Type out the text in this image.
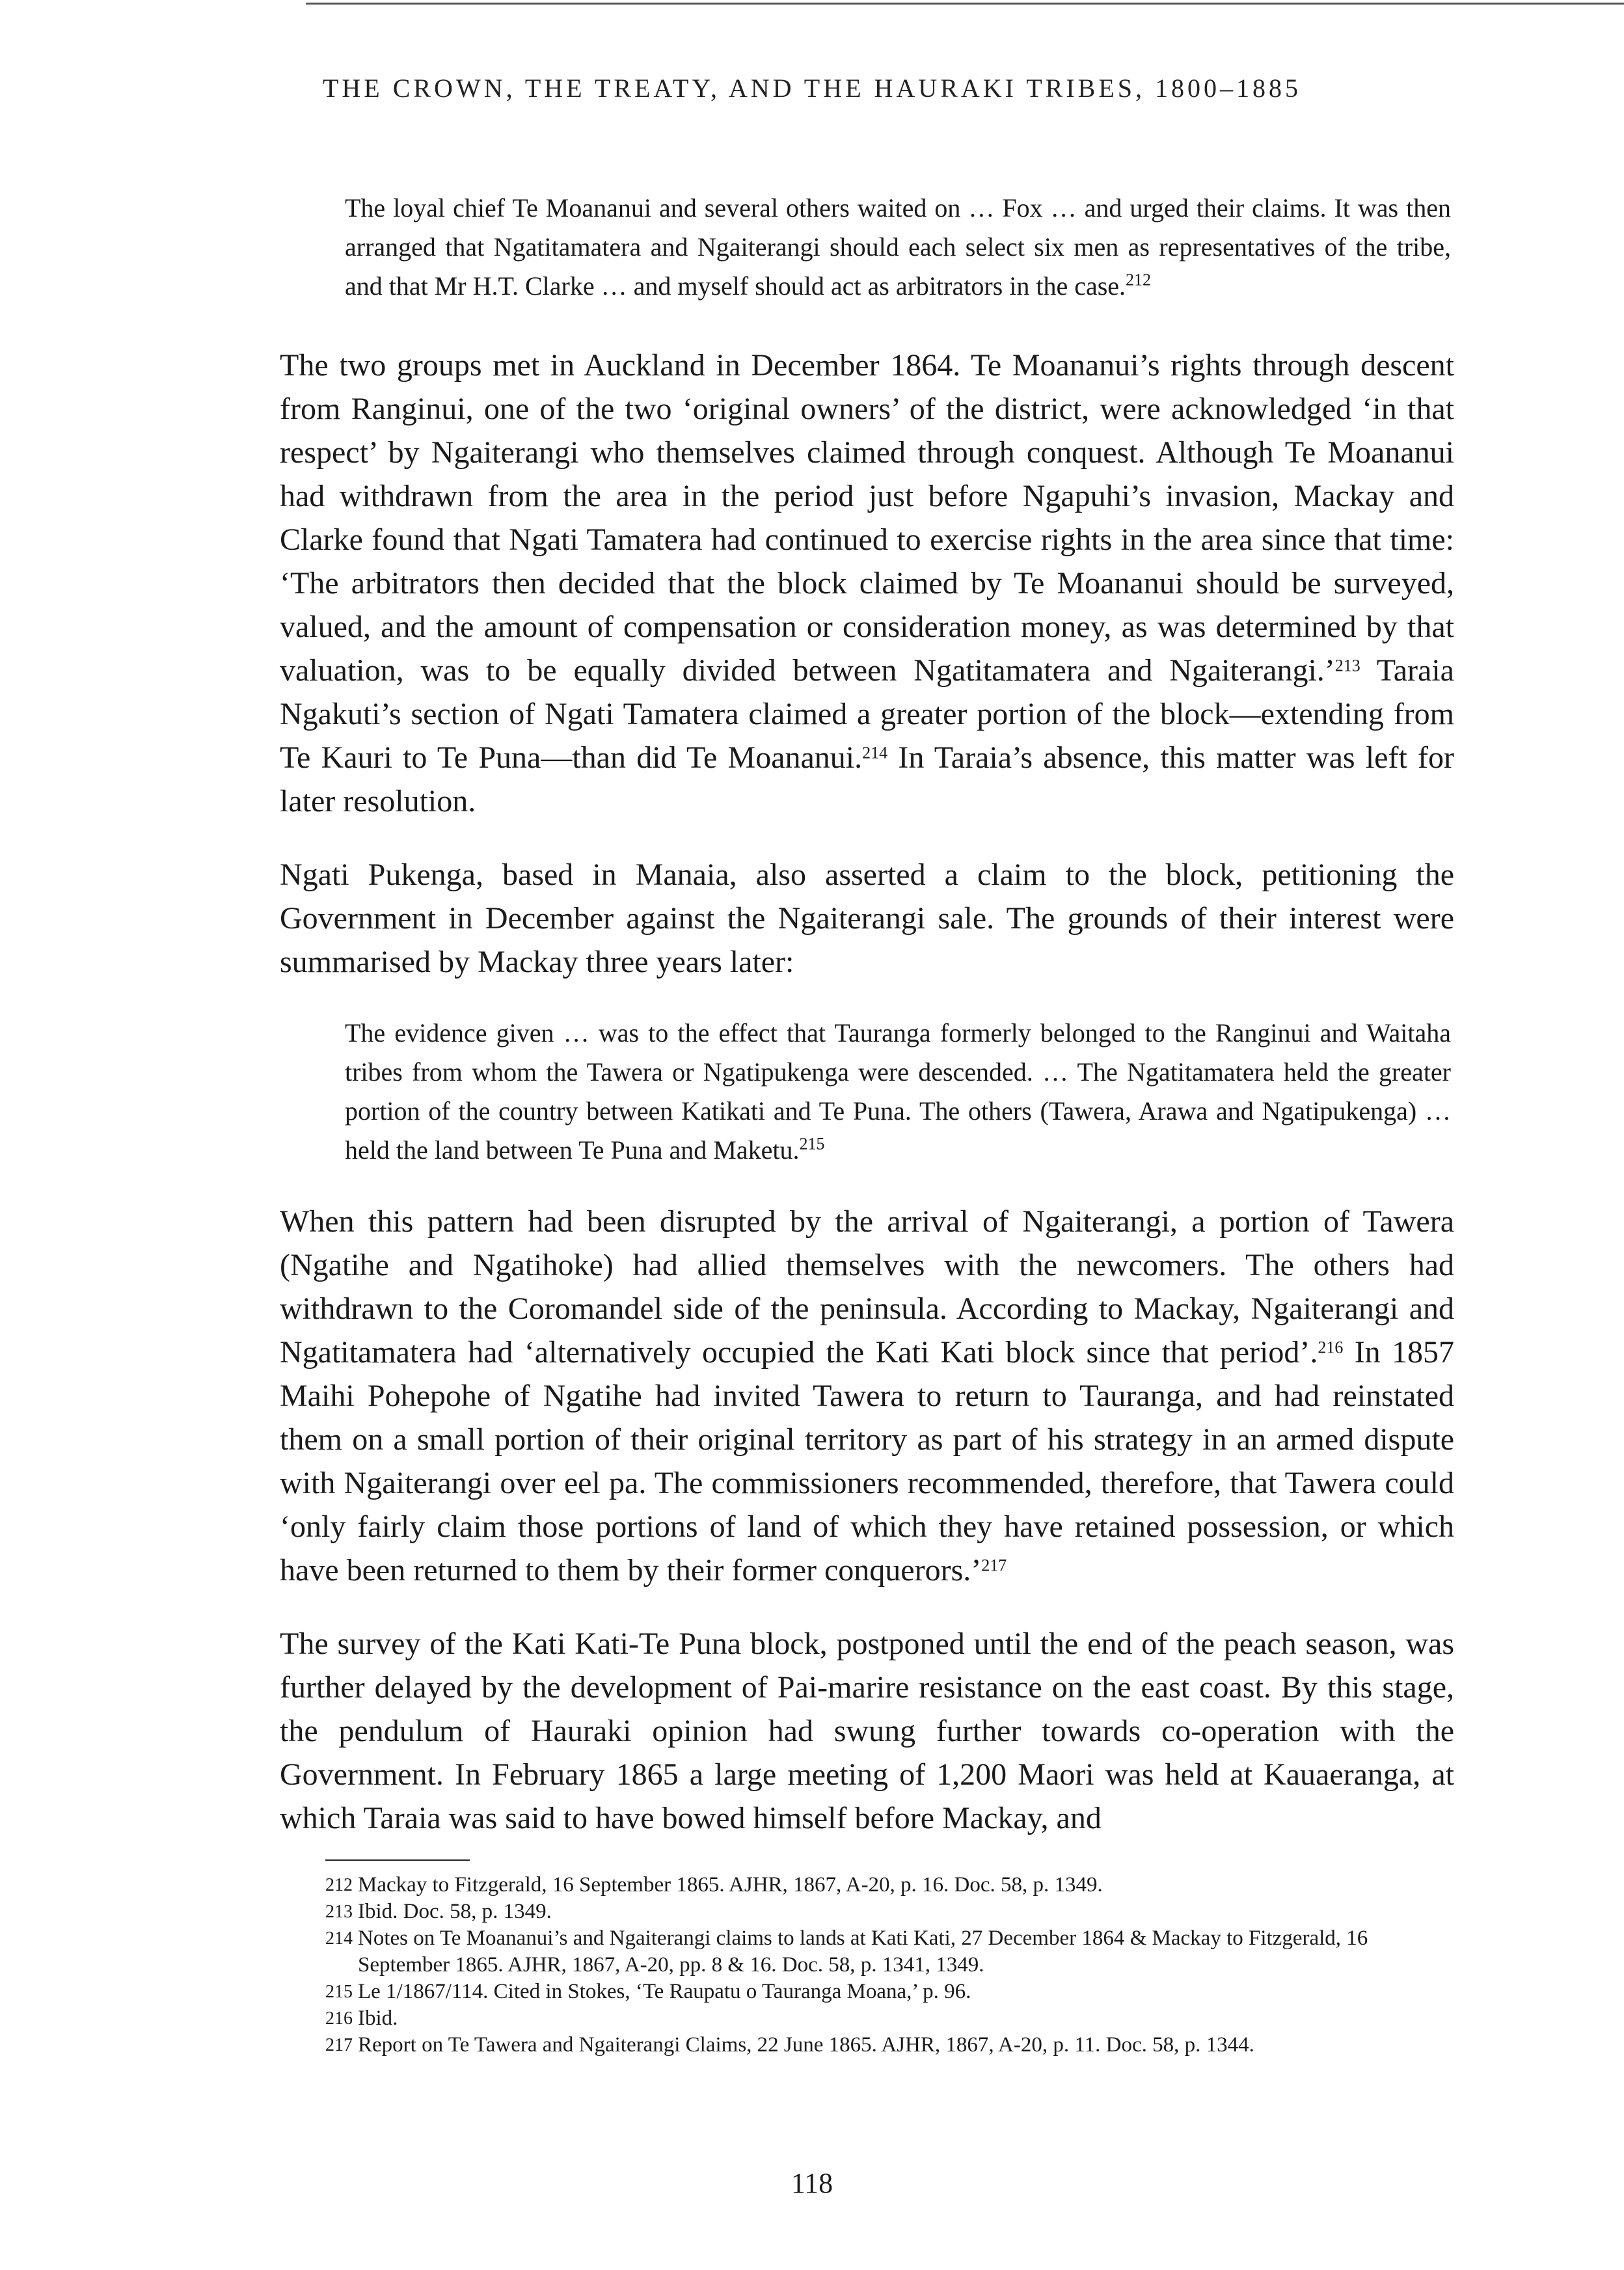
THE CROWN, THE TREATY, AND THE HAURAKI TRIBES, 1800–1885

The loyal chief Te Moananui and several others waited on … Fox … and urged their claims. It was then arranged that Ngatitamatera and Ngaiterangi should each select six men as representatives of the tribe, and that Mr H.T. Clarke … and myself should act as arbitrators in the case.$^{212}$

The two groups met in Auckland in December 1864. Te Moananui’s rights through descent from Ranginui, one of the two ‘original owners’ of the district, were acknowledged ‘in that respect’ by Ngaiterangi who themselves claimed through conquest. Although Te Moananui had withdrawn from the area in the period just before Ngapuhi’s invasion, Mackay and Clarke found that Ngati Tamatera had continued to exercise rights in the area since that time: ‘The arbitrators then decided that the block claimed by Te Moananui should be surveyed, valued, and the amount of compensation or consideration money, as was determined by that valuation, was to be equally divided between Ngatitamatera and Ngaiterangi.’$^{213}$ Taraia Ngakuti’s section of Ngati Tamatera claimed a greater portion of the block—extending from Te Kauri to Te Puna—than did Te Moananui.$^{214}$ In Taraia’s absence, this matter was left for later resolution.

Ngati Pukenga, based in Manaia, also asserted a claim to the block, petitioning the Government in December against the Ngaiterangi sale. The grounds of their interest were summarised by Mackay three years later:

The evidence given … was to the effect that Tauranga formerly belonged to the Ranginui and Waitaha tribes from whom the Tawera or Ngatipukenga were descended. … The Ngatitamatera held the greater portion of the country between Katikati and Te Puna. The others (Tawera, Arawa and Ngatipukenga) … held the land between Te Puna and Maketu.$^{215}$

When this pattern had been disrupted by the arrival of Ngaiterangi, a portion of Tawera (Ngatihe and Ngatihoke) had allied themselves with the newcomers. The others had withdrawn to the Coromandel side of the peninsula. According to Mackay, Ngaiterangi and Ngatitamatera had ‘alternatively occupied the Kati Kati block since that period’.$^{216}$ In 1857 Maihi Pohepohe of Ngatihe had invited Tawera to return to Tauranga, and had reinstated them on a small portion of their original territory as part of his strategy in an armed dispute with Ngaiterangi over eel pa. The commissioners recommended, therefore, that Tawera could ‘only fairly claim those portions of land of which they have retained possession, or which have been returned to them by their former conquerors.’$^{217}$

The survey of the Kati Kati-Te Puna block, postponed until the end of the peach season, was further delayed by the development of Pai-marire resistance on the east coast. By this stage, the pendulum of Hauraki opinion had swung further towards co-operation with the Government. In February 1865 a large meeting of 1,200 Maori was held at Kauaeranga, at which Taraia was said to have bowed himself before Mackay, and

212 Mackay to Fitzgerald, 16 September 1865. AJHR, 1867, A-20, p. 16. Doc. 58, p. 1349.
213 Ibid. Doc. 58, p. 1349.
214 Notes on Te Moananui’s and Ngaiterangi claims to lands at Kati Kati, 27 December 1864 & Mackay to Fitzgerald, 16 September 1865. AJHR, 1867, A-20, pp. 8 & 16. Doc. 58, p. 1341, 1349.
215 Le 1/1867/114. Cited in Stokes, ‘Te Raupatu o Tauranga Moana,’ p. 96.
216 Ibid.
217 Report on Te Tawera and Ngaiterangi Claims, 22 June 1865. AJHR, 1867, A-20, p. 11. Doc. 58, p. 1344.
118
